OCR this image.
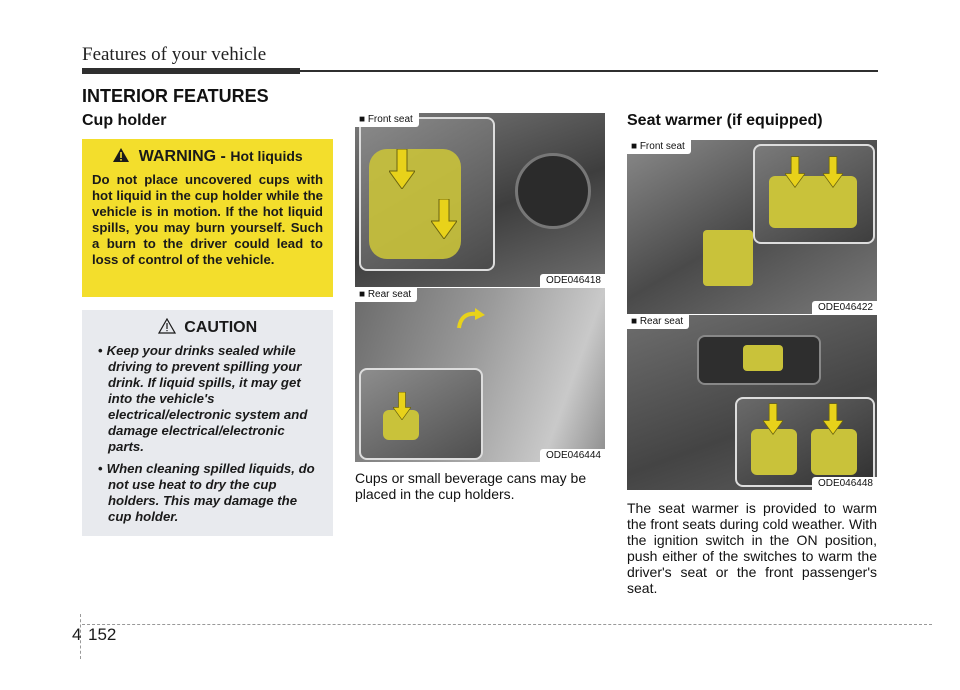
Features of your vehicle
INTERIOR FEATURES
Cup holder
WARNING - Hot liquids
Do not place uncovered cups with hot liquid in the cup holder while the vehicle is in motion. If the hot liquid spills, you may burn yourself. Such a burn to the driver could lead to loss of control of the vehicle.
CAUTION
• Keep your drinks sealed while driving to prevent spilling your drink. If liquid spills, it may get into the vehicle's electrical/electronic system and damage electrical/electronic parts.
• When cleaning spilled liquids, do not use heat to dry the cup holders. This may damage the cup holder.
■ Front seat
ODE046418
■ Rear seat
ODE046444
Cups or small beverage cans may be placed in the cup holders.
Seat warmer (if equipped)
■ Front seat
ODE046422
■ Rear seat
ODE046448
The seat warmer is provided to warm the front seats during cold weather. With the ignition switch in the ON position, push either of the switches to warm the driver's seat or the front passenger's seat.
4 152
